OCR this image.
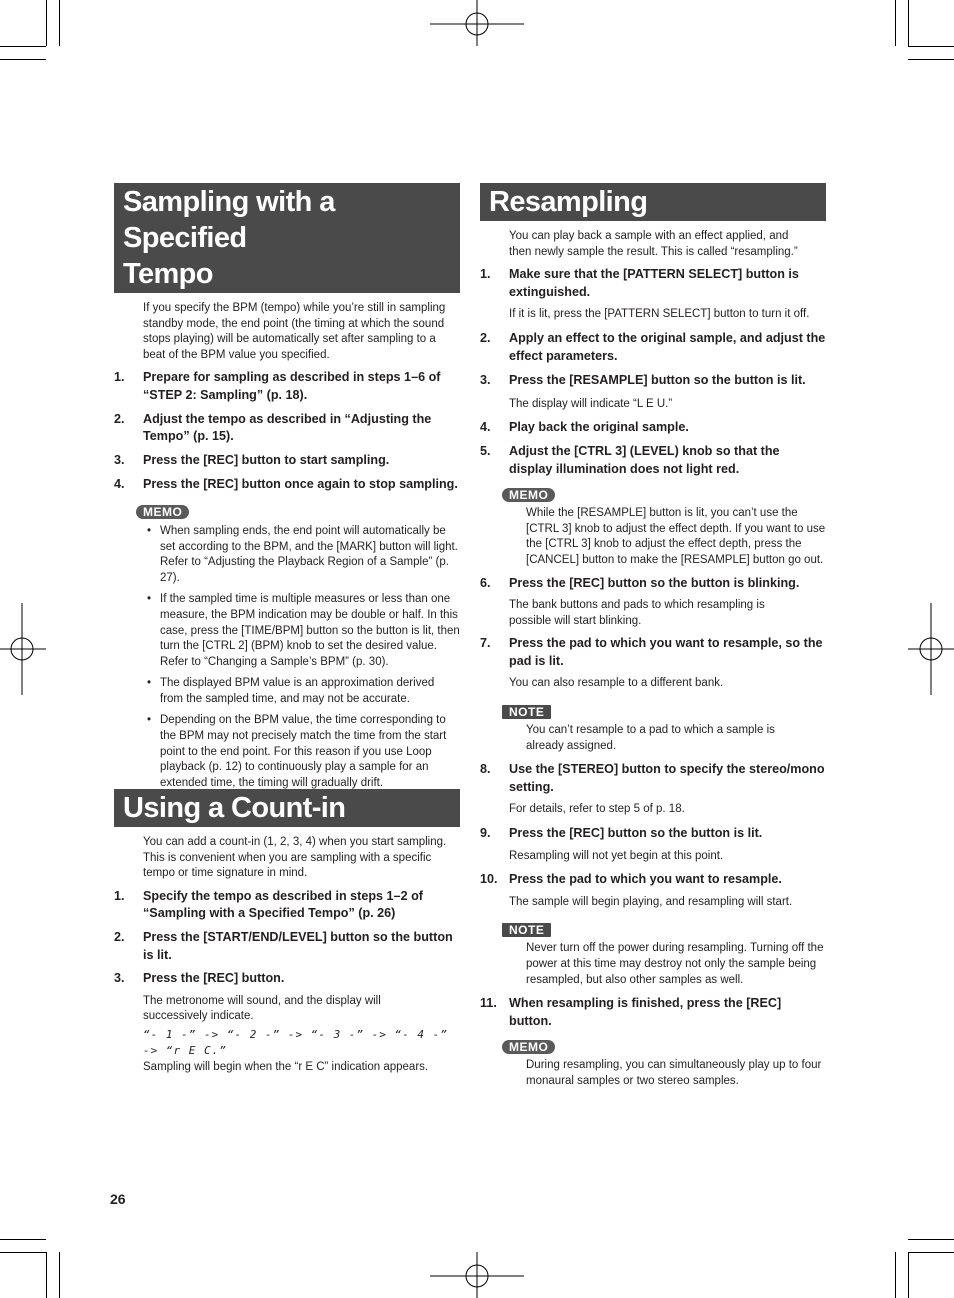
Sampling with a Specified
Tempo
If you specify the BPM (tempo) while you’re still in sampling standby mode, the end point (the timing at which the sound stops playing) will be automatically set after sampling to a beat of the BPM value you specified.
1. Prepare for sampling as described in steps 1–6 of “STEP 2: Sampling” (p. 18).
2. Adjust the tempo as described in “Adjusting the Tempo” (p. 15).
3. Press the [REC] button to start sampling.
4. Press the [REC] button once again to stop sampling.
MEMO
• When sampling ends, the end point will automatically be set according to the BPM, and the [MARK] button will light. Refer to “Adjusting the Playback Region of a Sample” (p. 27).
• If the sampled time is multiple measures or less than one measure, the BPM indication may be double or half. In this case, press the [TIME/BPM] button so the button is lit, then turn the [CTRL 2] (BPM) knob to set the desired value. Refer to “Changing a Sample’s BPM” (p. 30).
• The displayed BPM value is an approximation derived from the sampled time, and may not be accurate.
• Depending on the BPM value, the time corresponding to the BPM may not precisely match the time from the start point to the end point. For this reason if you use Loop playback (p. 12) to continuously play a sample for an extended time, the timing will gradually drift.
Using a Count-in
You can add a count-in (1, 2, 3, 4) when you start sampling. This is convenient when you are sampling with a specific tempo or time signature in mind.
1. Specify the tempo as described in steps 1–2 of “Sampling with a Specified Tempo” (p. 26)
2. Press the [START/END/LEVEL] button so the button is lit.
3. Press the [REC] button.
The metronome will sound, and the display will successively indicate.
“- 1 -” -> “- 2 -” -> “- 3 -” -> “- 4 -” -> “r E C.”
Sampling will begin when the “r E C” indication appears.
Resampling
You can play back a sample with an effect applied, and then newly sample the result. This is called “resampling.”
1. Make sure that the [PATTERN SELECT] button is extinguished.
If it is lit, press the [PATTERN SELECT] button to turn it off.
2. Apply an effect to the original sample, and adjust the effect parameters.
3. Press the [RESAMPLE] button so the button is lit.
The display will indicate “L E U.”
4. Play back the original sample.
5. Adjust the [CTRL 3] (LEVEL) knob so that the display illumination does not light red.
MEMO
While the [RESAMPLE] button is lit, you can’t use the [CTRL 3] knob to adjust the effect depth. If you want to use the [CTRL 3] knob to adjust the effect depth, press the [CANCEL] button to make the [RESAMPLE] button go out.
6. Press the [REC] button so the button is blinking.
The bank buttons and pads to which resampling is possible will start blinking.
7. Press the pad to which you want to resample, so the pad is lit.
You can also resample to a different bank.
NOTE
You can’t resample to a pad to which a sample is already assigned.
8. Use the [STEREO] button to specify the stereo/mono setting.
For details, refer to step 5 of p. 18.
9. Press the [REC] button so the button is lit.
Resampling will not yet begin at this point.
10. Press the pad to which you want to resample.
The sample will begin playing, and resampling will start.
NOTE
Never turn off the power during resampling. Turning off the power at this time may destroy not only the sample being resampled, but also other samples as well.
11. When resampling is finished, press the [REC] button.
MEMO
During resampling, you can simultaneously play up to four monaural samples or two stereo samples.
26
